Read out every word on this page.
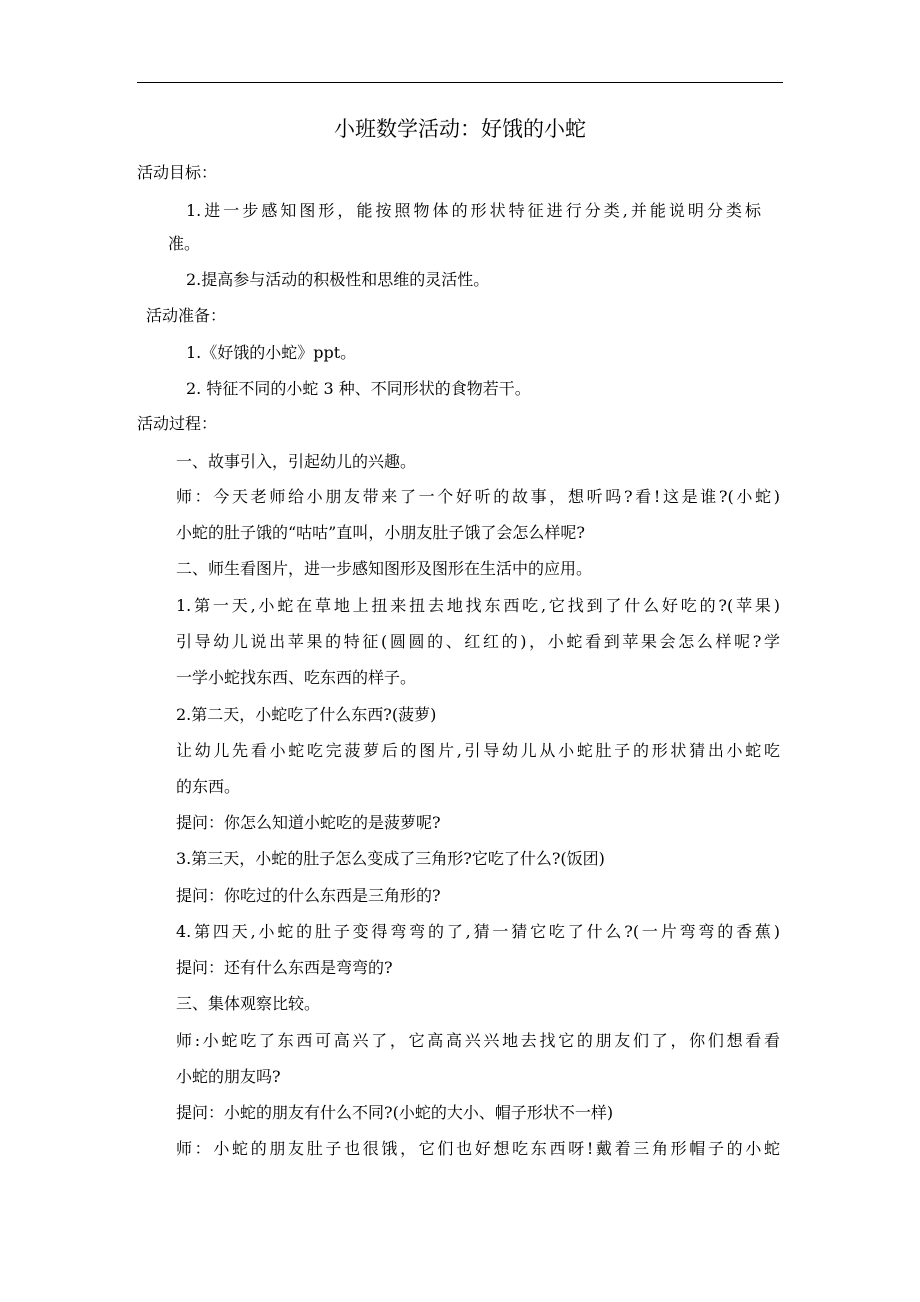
小班数学活动：好饿的小蛇
活动目标：
1.进一步感知图形，能按照物体的形状特征进行分类,并能说明分类标
准。
2.提高参与活动的积极性和思维的灵活性。
活动准备：
1.《好饿的小蛇》ppt。
2. 特征不同的小蛇 3 种、不同形状的食物若干。
活动过程：
一、故事引入，引起幼儿的兴趣。
师：今天老师给小朋友带来了一个好听的故事，想听吗?看!这是谁?(小蛇)
小蛇的肚子饿的“咕咕”直叫，小朋友肚子饿了会怎么样呢?
二、师生看图片，进一步感知图形及图形在生活中的应用。
1.第一天,小蛇在草地上扭来扭去地找东西吃,它找到了什么好吃的?(苹果)
引导幼儿说出苹果的特征(圆圆的、红红的)，小蛇看到苹果会怎么样呢?学
一学小蛇找东西、吃东西的样子。
2.第二天，小蛇吃了什么东西?(菠萝)
让幼儿先看小蛇吃完菠萝后的图片,引导幼儿从小蛇肚子的形状猜出小蛇吃
的东西。
提问：你怎么知道小蛇吃的是菠萝呢?
3.第三天，小蛇的肚子怎么变成了三角形?它吃了什么?(饭团)
提问：你吃过的什么东西是三角形的?
4.第四天,小蛇的肚子变得弯弯的了,猜一猜它吃了什么?(一片弯弯的香蕉)
提问：还有什么东西是弯弯的?
三、集体观察比较。
师:小蛇吃了东西可高兴了，它高高兴兴地去找它的朋友们了，你们想看看
小蛇的朋友吗?
提问：小蛇的朋友有什么不同?(小蛇的大小、帽子形状不一样)
师：小蛇的朋友肚子也很饿，它们也好想吃东西呀!戴着三角形帽子的小蛇
